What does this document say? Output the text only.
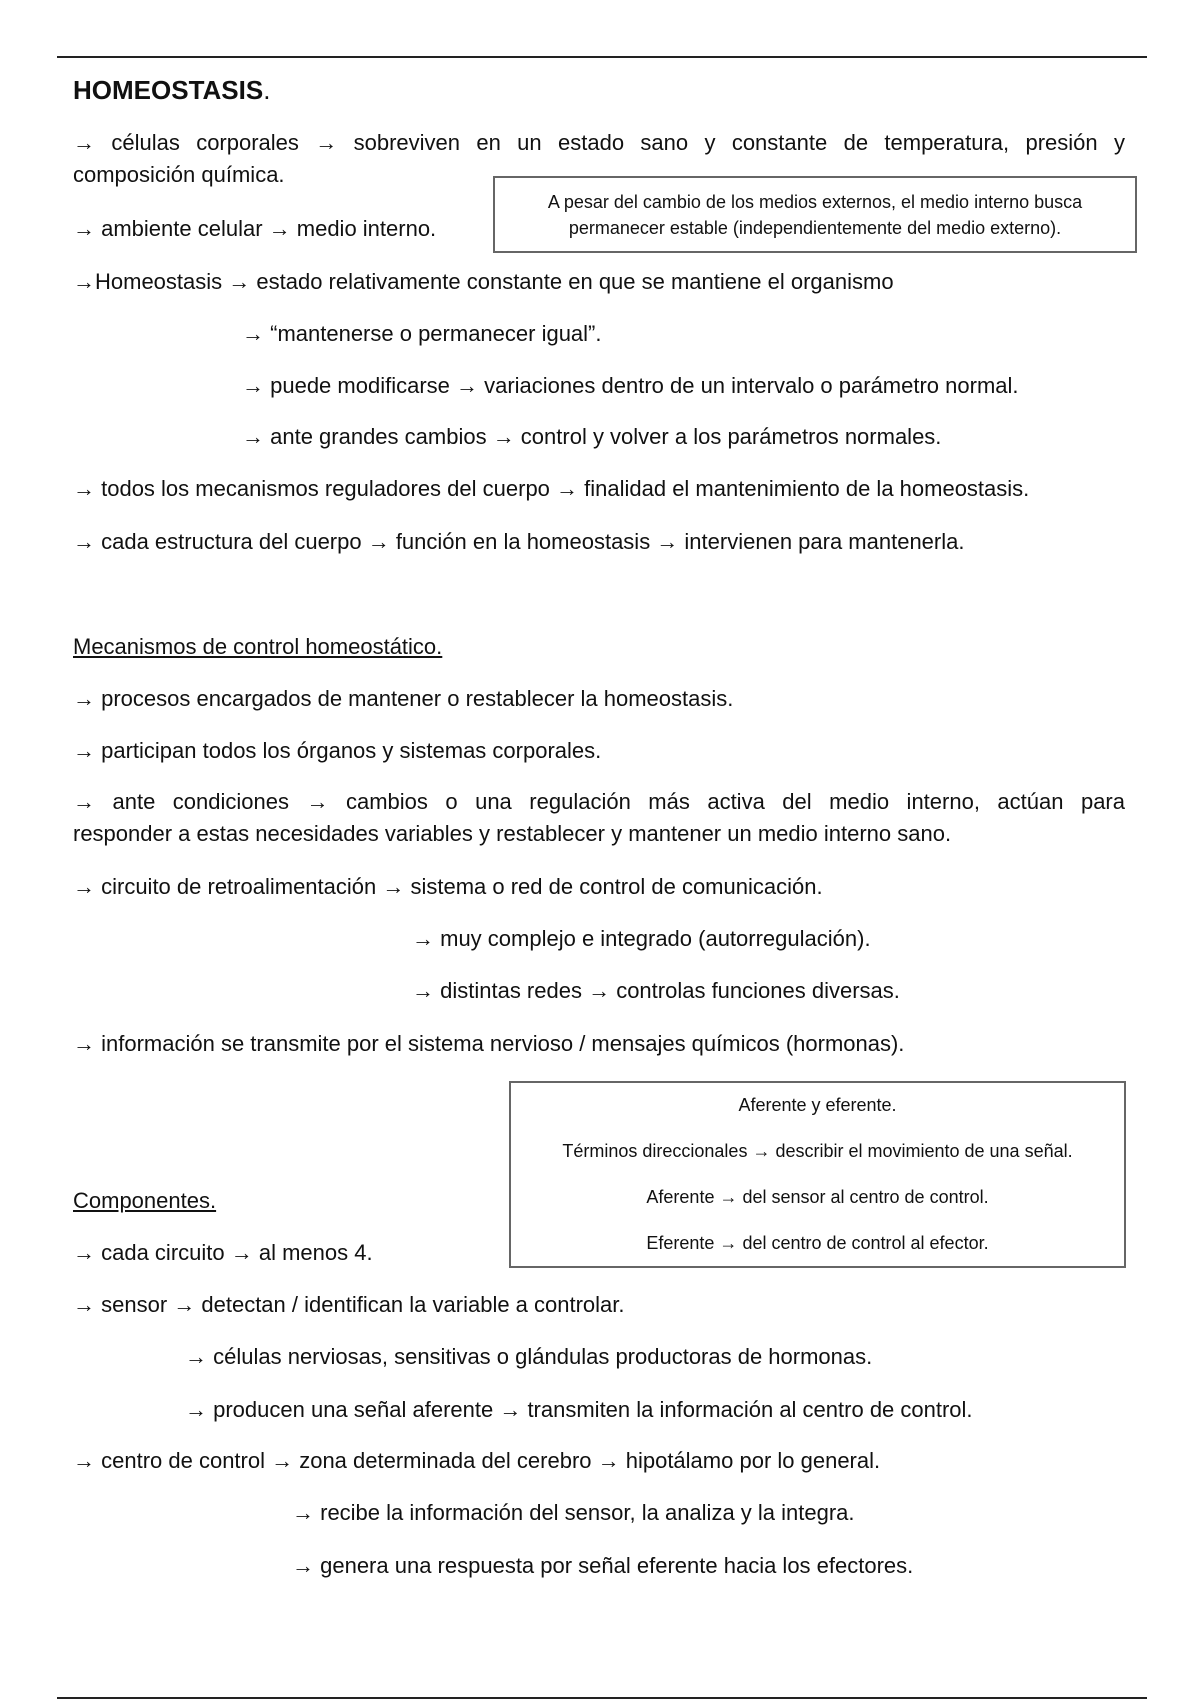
HOMEOSTASIS.

→ células corporales → sobreviven en un estado sano y constante de temperatura, presión y

composición química.

→ ambiente celular → medio interno.

A pesar del cambio de los medios externos, el medio interno busca

permanecer estable (independientemente del medio externo).

→Homeostasis → estado relativamente constante en que se mantiene el organismo

→ “mantenerse o permanecer igual”.

→ puede modificarse → variaciones dentro de un intervalo o parámetro normal.

→ ante grandes cambios → control y volver a los parámetros normales.

→ todos los mecanismos reguladores del cuerpo → finalidad el mantenimiento de la homeostasis.

→ cada estructura del cuerpo → función en la homeostasis → intervienen para mantenerla.

Mecanismos de control homeostático.

→ procesos encargados de mantener o restablecer la homeostasis.

→ participan todos los órganos y sistemas corporales.

→ ante condiciones → cambios o una regulación más activa del medio interno, actúan para

responder a estas necesidades variables y restablecer y mantener un medio interno sano.

→ circuito de retroalimentación → sistema o red de control de comunicación.

→ muy complejo e integrado (autorregulación).

→ distintas redes → controlas funciones diversas.

→ información se transmite por el sistema nervioso / mensajes químicos (hormonas).

Aferente y eferente.

Términos direccionales → describir el movimiento de una señal.

Aferente → del sensor al centro de control.

Eferente → del centro de control al efector.

Componentes.

→ cada circuito → al menos 4.

→ sensor → detectan / identifican la variable a controlar.

→ células nerviosas, sensitivas o glándulas productoras de hormonas.

→ producen una señal aferente → transmiten la información al centro de control.

→ centro de control → zona determinada del cerebro → hipotálamo por lo general.

→ recibe la información del sensor, la analiza y la integra.

→ genera una respuesta por señal eferente hacia los efectores.
